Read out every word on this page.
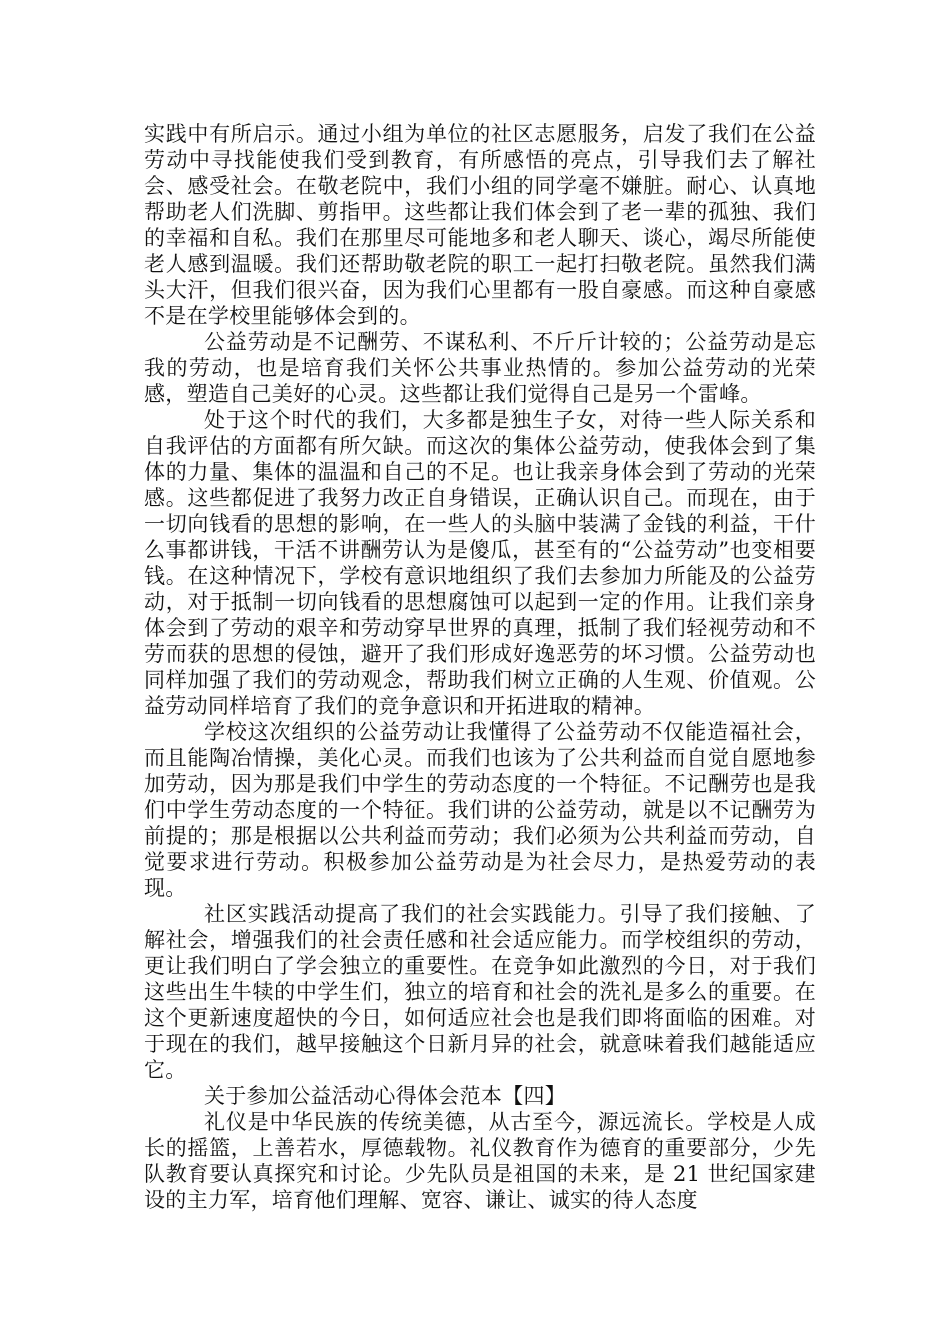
实践中有所启示。通过小组为单位的社区志愿服务，启发了我们在公益劳动中寻找能使我们受到教育，有所感悟的亮点，引导我们去了解社会、感受社会。在敬老院中，我们小组的同学毫不嫌脏。耐心、认真地帮助老人们洗脚、剪指甲。这些都让我们体会到了老一辈的孤独、我们的幸福和自私。我们在那里尽可能地多和老人聊天、谈心，竭尽所能使老人感到温暖。我们还帮助敬老院的职工一起打扫敬老院。虽然我们满头大汗，但我们很兴奋，因为我们心里都有一股自豪感。而这种自豪感不是在学校里能够体会到的。

公益劳动是不记酬劳、不谋私利、不斤斤计较的；公益劳动是忘我的劳动，也是培育我们关怀公共事业热情的。参加公益劳动的光荣感，塑造自己美好的心灵。这些都让我们觉得自己是另一个雷峰。

处于这个时代的我们，大多都是独生子女，对待一些人际关系和自我评估的方面都有所欠缺。而这次的集体公益劳动，使我体会到了集体的力量、集体的温温和自己的不足。也让我亲身体会到了劳动的光荣感。这些都促进了我努力改正自身错误，正确认识自己。而现在，由于一切向钱看的思想的影响，在一些人的头脑中装满了金钱的利益，干什么事都讲钱，干活不讲酬劳认为是傻瓜，甚至有的“公益劳动”也变相要钱。在这种情况下，学校有意识地组织了我们去参加力所能及的公益劳动，对于抵制一切向钱看的思想腐蚀可以起到一定的作用。让我们亲身体会到了劳动的艰辛和劳动穿早世界的真理，抵制了我们轻视劳动和不劳而获的思想的侵蚀，避开了我们形成好逸恶劳的坏习惯。公益劳动也同样加强了我们的劳动观念，帮助我们树立正确的人生观、价值观。公益劳动同样培育了我们的竞争意识和开拓进取的精神。

学校这次组织的公益劳动让我懂得了公益劳动不仅能造福社会，而且能陶冶情操，美化心灵。而我们也该为了公共利益而自觉自愿地参加劳动，因为那是我们中学生的劳动态度的一个特征。不记酬劳也是我们中学生劳动态度的一个特征。我们讲的公益劳动，就是以不记酬劳为前提的；那是根据以公共利益而劳动；我们必须为公共利益而劳动，自觉要求进行劳动。积极参加公益劳动是为社会尽力，是热爱劳动的表现。

社区实践活动提高了我们的社会实践能力。引导了我们接触、了解社会，增强我们的社会责任感和社会适应能力。而学校组织的劳动，更让我们明白了学会独立的重要性。在竞争如此激烈的今日，对于我们这些出生牛犊的中学生们，独立的培育和社会的洗礼是多么的重要。在这个更新速度超快的今日，如何适应社会也是我们即将面临的困难。对于现在的我们，越早接触这个日新月异的社会，就意味着我们越能适应它。

关于参加公益活动心得体会范本【四】

礼仪是中华民族的传统美德，从古至今，源远流长。学校是人成长的摇篮，上善若水，厚德载物。礼仪教育作为德育的重要部分，少先队教育要认真探究和讨论。少先队员是祖国的未来，是 21 世纪国家建设的主力军，培育他们理解、宽容、谦让、诚实的待人态度
